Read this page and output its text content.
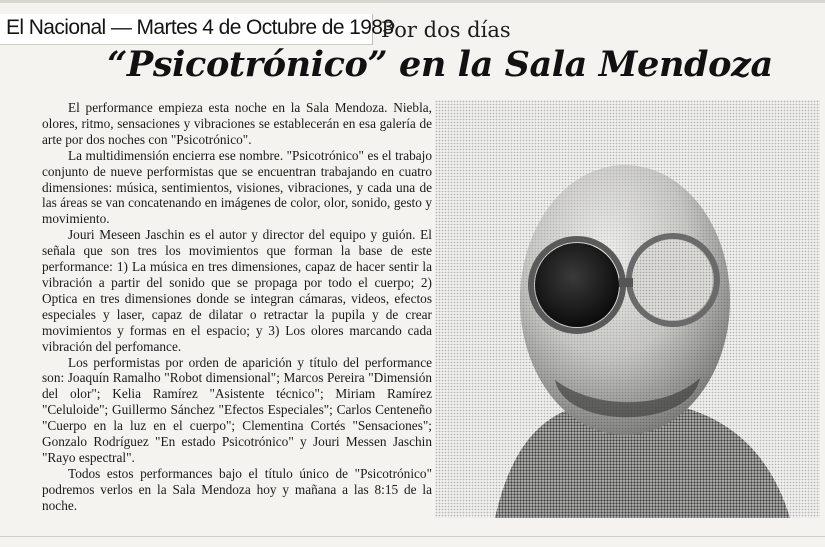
El Nacional — Martes 4 de Octubre de 1983
Por dos días
“Psicotrónico” en la Sala Mendoza

El performance empieza esta noche en la Sala Mendoza. Niebla, olores, ritmo, sensaciones y vibraciones se establecerán en esa galería de arte por dos noches con "Psicotrónico".

La multidimensión encierra ese nombre. "Psicotrónico" es el trabajo conjunto de nueve performistas que se encuentran trabajando en cuatro dimensiones: música, sentimientos, visiones, vibraciones, y cada una de las áreas se van concatenando en imágenes de color, olor, sonido, gesto y movimiento.

Jouri Meseen Jaschin es el autor y director del equipo y guión. El señala que son tres los movimientos que forman la base de este performance: 1) La música en tres dimensiones, capaz de hacer sentir la vibración a partir del sonido que se propaga por todo el cuerpo; 2) Optica en tres dimensiones donde se integran cámaras, videos, efectos especiales y laser, capaz de dilatar o retractar la pupila y de crear movimientos y formas en el espacio; y 3) Los olores marcando cada vibración del perfomance.

Los performistas por orden de aparición y título del performance son: Joaquín Ramalho "Robot dimensional"; Marcos Pereira "Dimensión del olor"; Kelia Ramírez "Asistente técnico"; Miriam Ramírez "Celuloide"; Guillermo Sánchez "Efectos Especiales"; Carlos Centeneño "Cuerpo en la luz en el cuerpo"; Clementina Cortés "Sensaciones"; Gonzalo Rodríguez "En estado Psicotrónico" y Jouri Messen Jaschin "Rayo espectral".

Todos estos performances bajo el título único de "Psicotrónico" podremos verlos en la Sala Mendoza hoy y mañana a las 8:15 de la noche.
